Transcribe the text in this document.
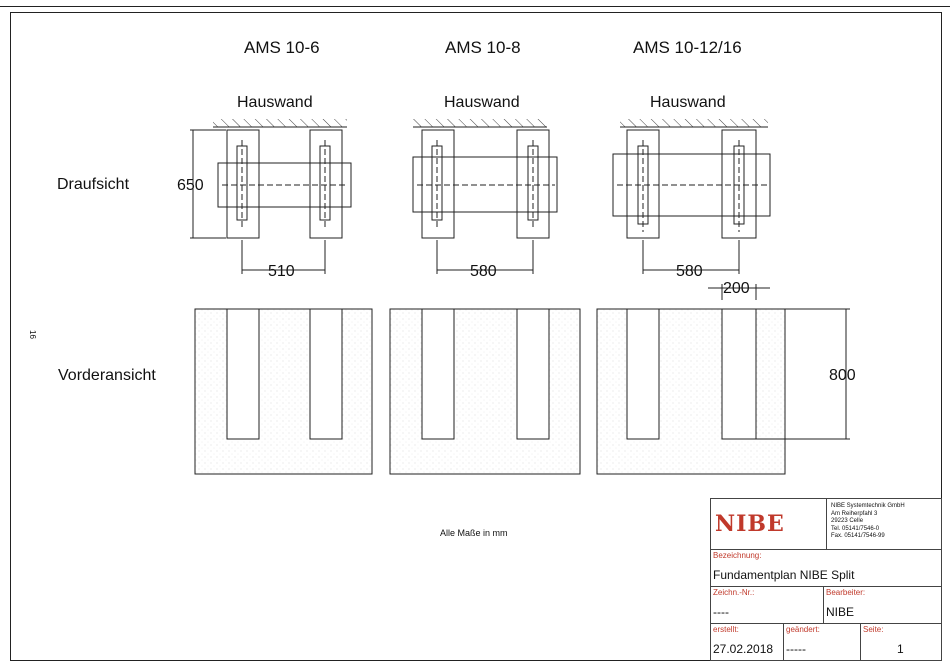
AMS 10-6	AMS 10-8	AMS 10-12/16
Hauswand	Hauswand	Hauswand
Draufsicht
Vorderansicht
650
510	580	580
200
800
16
Alle Maße in mm	NIBE
NIBE Systemtechnik GmbH
Am Reiherpfahl 3
29223 Celle
Tel. 05141/7546-0
Fax. 05141/7546-99
Bezeichnung:
Fundamentplan NIBE Split
Zeichn.-Nr.:
----
Bearbeiter:
NIBE
erstellt:
27.02.2018
geändert:
-----
Seite:
1
